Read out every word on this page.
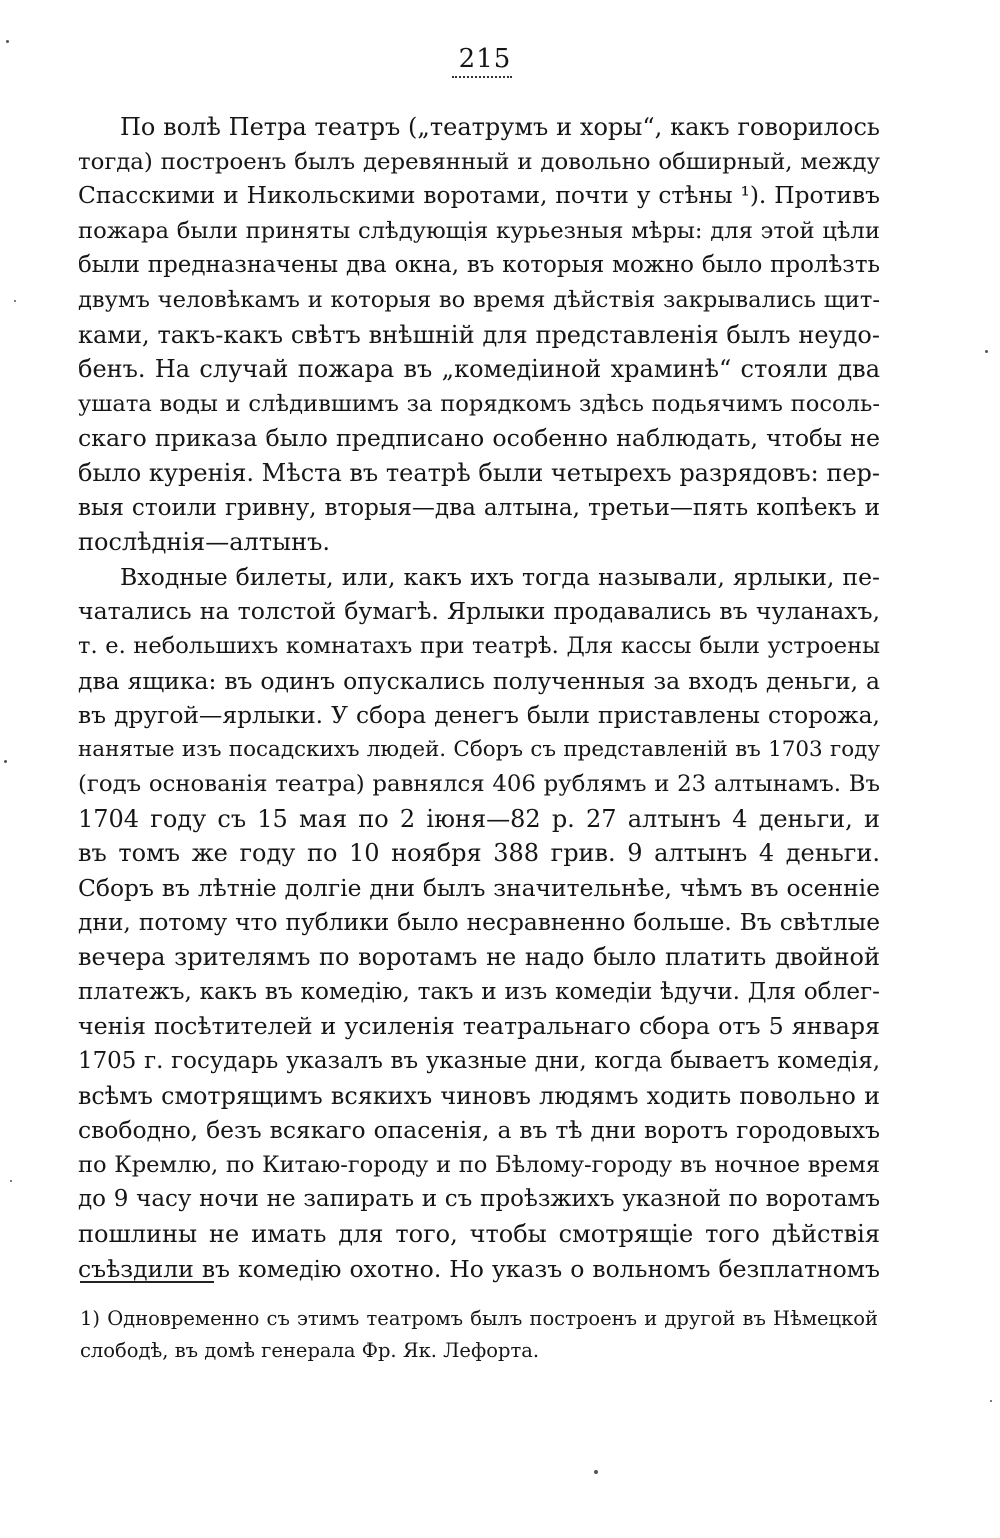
215
По волѣ Петра театръ („театрумъ и хоры“, какъ говорилось
тогда) построенъ былъ деревянный и довольно обширный, между
Спасскими и Никольскими воротами, почти у стѣны ¹). Противъ
пожара были приняты слѣдующія курьезныя мѣры: для этой цѣли
были предназначены два окна, въ которыя можно было пролѣзть
двумъ человѣкамъ и которыя во время дѣйствія закрывались щит-
ками, такъ-какъ свѣтъ внѣшній для представленія былъ неудо-
бенъ. На случай пожара въ „комедіиной храминѣ“ стояли два
ушата воды и слѣдившимъ за порядкомъ здѣсь подьячимъ посоль-
скаго приказа было предписано особенно наблюдать, чтобы не
было куренія. Мѣста въ театрѣ были четырехъ разрядовъ: пер-
выя стоили гривну, вторыя—два алтына, третьи—пять копѣекъ и
послѣднія—алтынъ.
Входные билеты, или, какъ ихъ тогда называли, ярлыки, пе-
чатались на толстой бумагѣ. Ярлыки продавались въ чуланахъ,
т. е. небольшихъ комнатахъ при театрѣ. Для кассы были устроены
два ящика: въ одинъ опускались полученныя за входъ деньги, а
въ другой—ярлыки. У сбора денегъ были приставлены сторожа,
нанятые изъ посадскихъ людей. Сборъ съ представленій въ 1703 году
(годъ основанія театра) равнялся 406 рублямъ и 23 алтынамъ. Въ
1704 году съ 15 мая по 2 іюня—82 р. 27 алтынъ 4 деньги, и
въ томъ же году по 10 ноября 388 грив. 9 алтынъ 4 деньги.
Сборъ въ лѣтніе долгіе дни былъ значительнѣе, чѣмъ въ осенніе
дни, потому что публики было несравненно больше. Въ свѣтлые
вечера зрителямъ по воротамъ не надо было платить двойной
платежъ, какъ въ комедію, такъ и изъ комедіи ѣдучи. Для облег-
ченія посѣтителей и усиленія театральнаго сбора отъ 5 января
1705 г. государь указалъ въ указные дни, когда бываетъ комедія,
всѣмъ смотрящимъ всякихъ чиновъ людямъ ходить повольно и
свободно, безъ всякаго опасенія, а въ тѣ дни воротъ городовыхъ
по Кремлю, по Китаю-городу и по Бѣлому-городу въ ночное время
до 9 часу ночи не запирать и съ проѣзжихъ указной по воротамъ
пошлины не имать для того, чтобы смотрящіе того дѣйствія
съѣздили въ комедію охотно. Но указъ о вольномъ безплатномъ
1) Одновременно съ этимъ театромъ былъ построенъ и другой въ Нѣмецкой
слободѣ, въ домѣ генерала Фр. Як. Лефорта.
